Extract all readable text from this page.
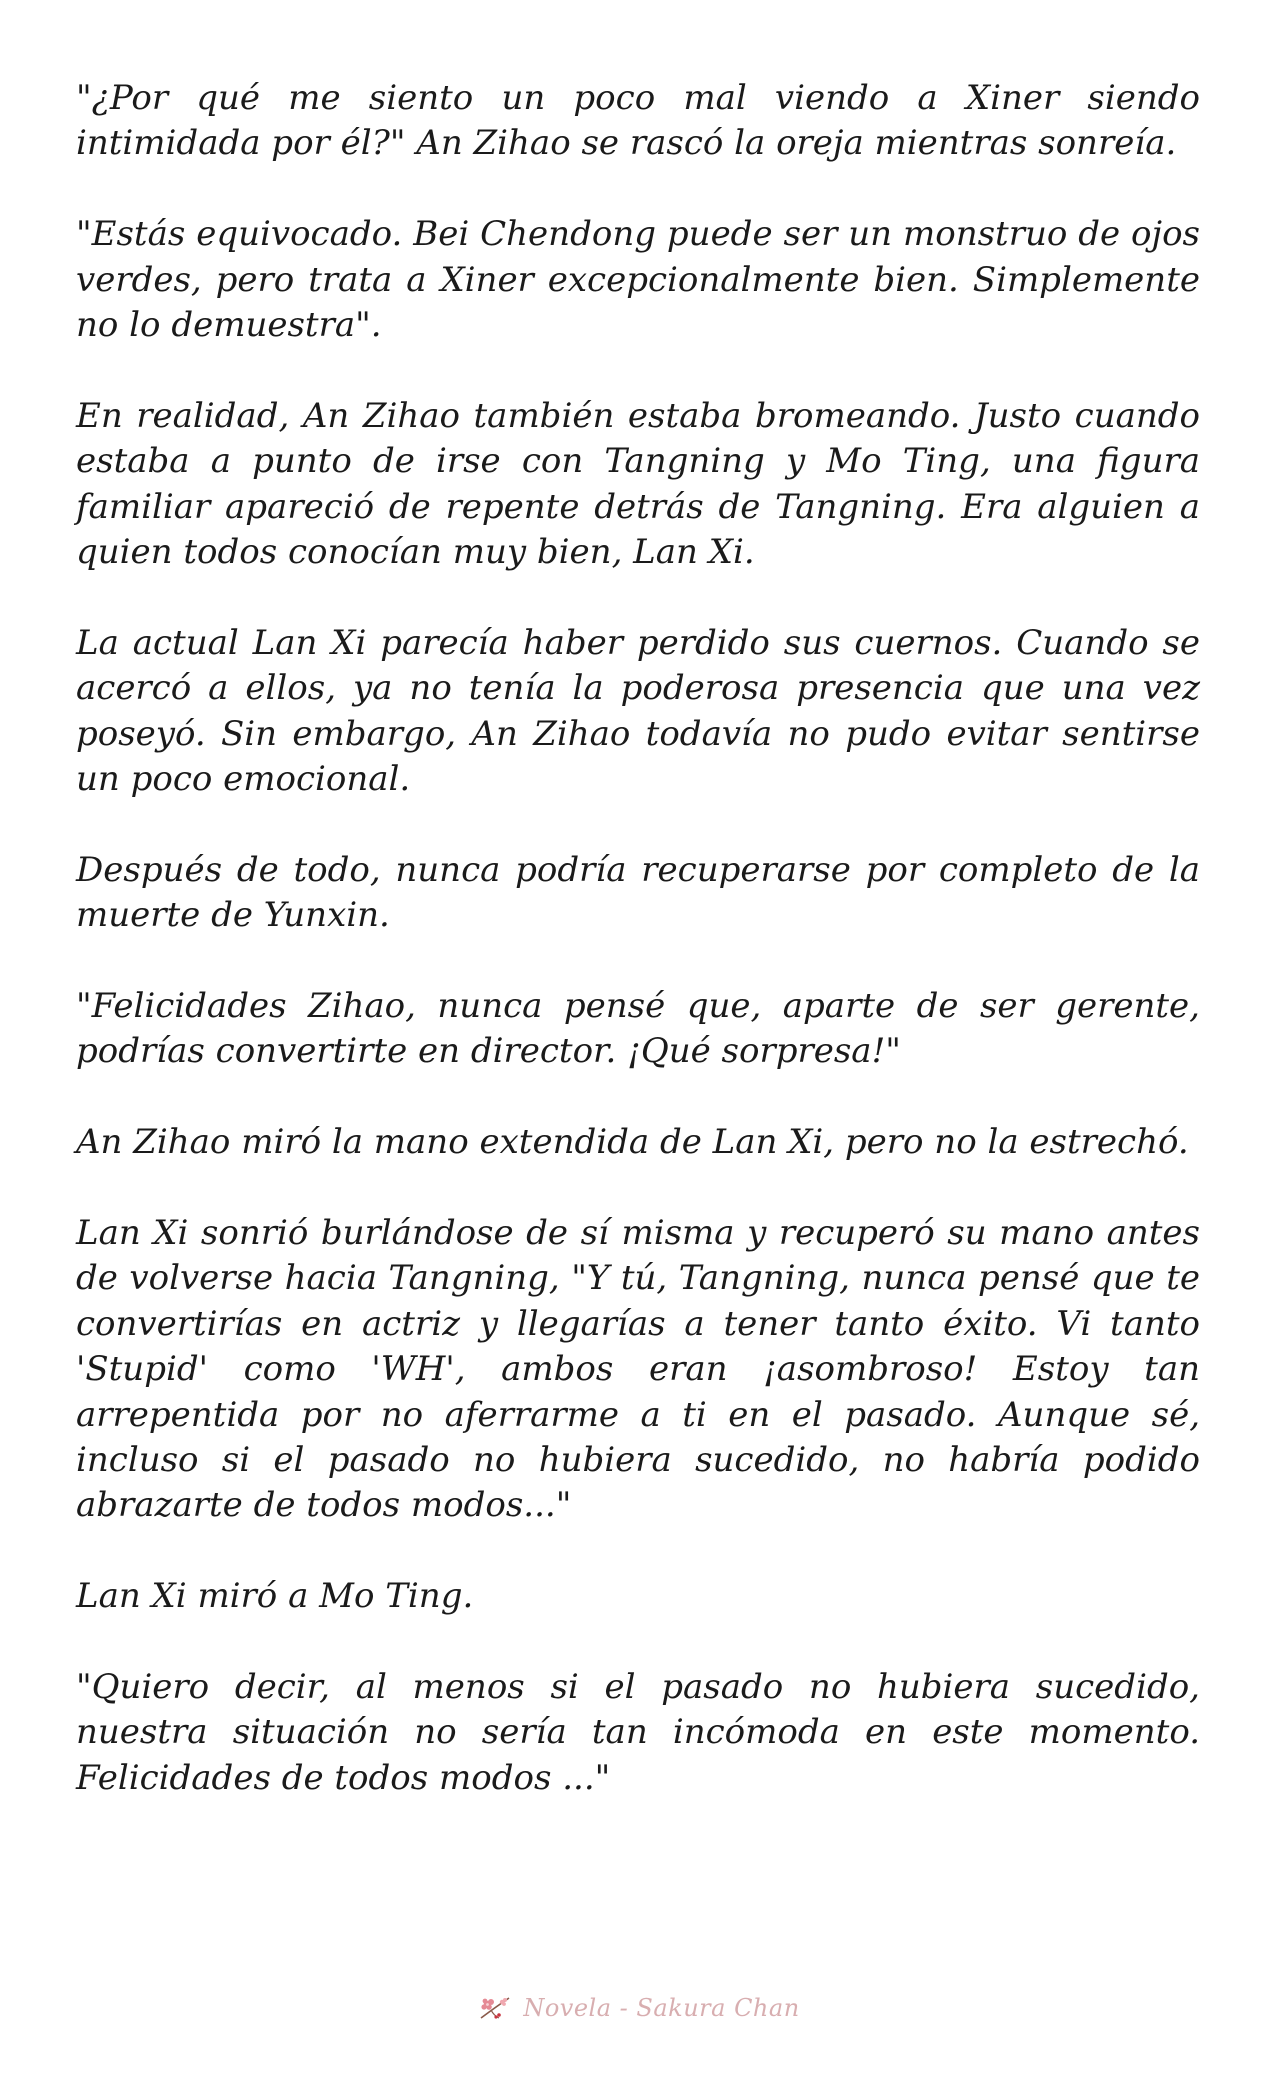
"¿Por qué me siento un poco mal viendo a Xiner siendo intimidada por él?" An Zihao se rascó la oreja mientras sonreía.

"Estás equivocado. Bei Chendong puede ser un monstruo de ojos verdes, pero trata a Xiner excepcionalmente bien. Simplemente no lo demuestra".

En realidad, An Zihao también estaba bromeando. Justo cuando estaba a punto de irse con Tangning y Mo Ting, una figura familiar apareció de repente detrás de Tangning. Era alguien a quien todos conocían muy bien, Lan Xi.

La actual Lan Xi parecía haber perdido sus cuernos. Cuando se acercó a ellos, ya no tenía la poderosa presencia que una vez poseyó. Sin embargo, An Zihao todavía no pudo evitar sentirse un poco emocional.

Después de todo, nunca podría recuperarse por completo de la muerte de Yunxin.

"Felicidades Zihao, nunca pensé que, aparte de ser gerente, podrías convertirte en director. ¡Qué sorpresa!"

An Zihao miró la mano extendida de Lan Xi, pero no la estrechó.

Lan Xi sonrió burlándose de sí misma y recuperó su mano antes de volverse hacia Tangning, "Y tú, Tangning, nunca pensé que te convertirías en actriz y llegarías a tener tanto éxito. Vi tanto 'Stupid' como 'WH', ambos eran ¡asombroso! Estoy tan arrepentida por no aferrarme a ti en el pasado. Aunque sé, incluso si el pasado no hubiera sucedido, no habría podido abrazarte de todos modos..."

Lan Xi miró a Mo Ting.

"Quiero decir, al menos si el pasado no hubiera sucedido, nuestra situación no sería tan incómoda en este momento. Felicidades de todos modos ..."

Novela - Sakura Chan
